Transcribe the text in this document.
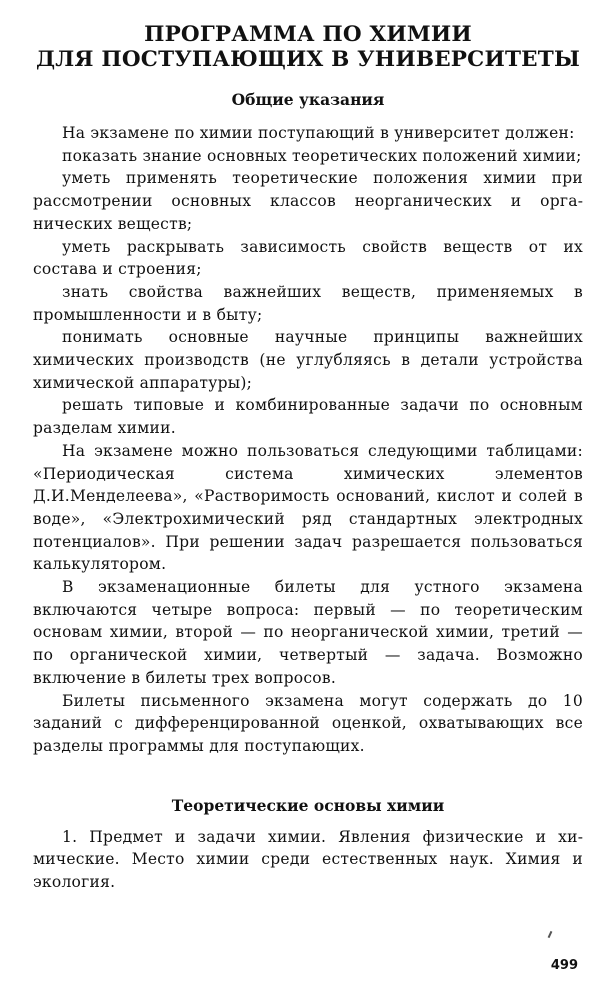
ПРОГРАММА ПО ХИМИИ
ДЛЯ ПОСТУПАЮЩИХ В УНИВЕРСИТЕТЫ
Общие указания

На экзамене по химии поступающий в университет должен:

показать знание основных теоретических положений химии;

уметь применять теоретические положения химии при рассмотрении основных классов неорганических и органических веществ;

уметь раскрывать зависимость свойств веществ от их состава и строения;

знать свойства важнейших веществ, применяемых в промышленности и в быту;

понимать основные научные принципы важнейших химических производств (не углубляясь в детали устройства химической аппаратуры);

решать типовые и комбинированные задачи по основным разделам химии.

На экзамене можно пользоваться следующими таблицами: «Периодическая система химических элементов Д.И.Менделеева», «Растворимость оснований, кислот и солей в воде», «Электрохимический ряд стандартных электродных потенциалов». При решении задач разрешается пользоваться калькулятором.

В экзаменационные билеты для устного экзамена включаются четыре вопроса: первый — по теоретическим основам химии, второй — по неорганической химии, третий — по органической химии, четвертый — задача. Возможно включение в билеты трех вопросов.

Билеты письменного экзамена могут содержать до 10 заданий с дифференцированной оценкой, охватывающих все разделы программы для поступающих.

Теоретические основы химии

1. Предмет и задачи химии. Явления физические и химические. Место химии среди естественных наук. Химия и экология.

499
